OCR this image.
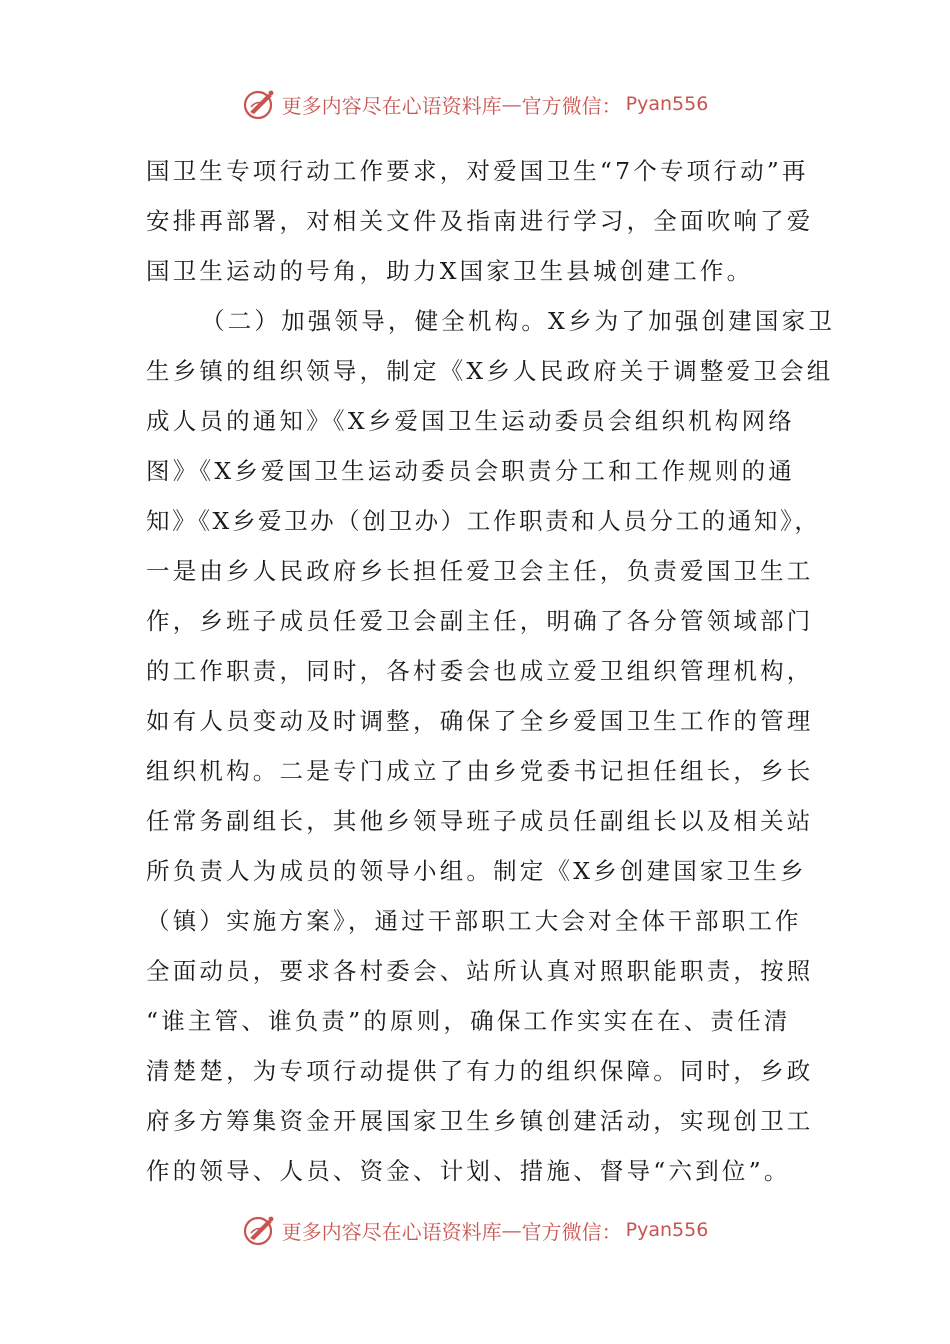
更多内容尽在心语资料库 — 官方微信： Pyan556
国卫生专项行动工作要求，对爱国卫生“7个专项行动”再
安排再部署，对相关文件及指南进行学习，全面吹响了爱
国卫生运动的号角，助力X国家卫生县城创建工作。
（二）加强领导，健全机构。X乡为了加强创建国家卫
生乡镇的组织领导，制定《X乡人民政府关于调整爱卫会组
成人员的通知》《X乡爱国卫生运动委员会组织机构网络
图》《X乡爱国卫生运动委员会职责分工和工作规则的通
知》《X乡爱卫办（创卫办）工作职责和人员分工的通知》，
一是由乡人民政府乡长担任爱卫会主任，负责爱国卫生工
作，乡班子成员任爱卫会副主任，明确了各分管领域部门
的工作职责，同时，各村委会也成立爱卫组织管理机构，
如有人员变动及时调整，确保了全乡爱国卫生工作的管理
组织机构。二是专门成立了由乡党委书记担任组长，乡长
任常务副组长，其他乡领导班子成员任副组长以及相关站
所负责人为成员的领导小组。制定《X乡创建国家卫生乡
（镇）实施方案》，通过干部职工大会对全体干部职工作
全面动员，要求各村委会、站所认真对照职能职责，按照
“谁主管、谁负责”的原则，确保工作实实在在、责任清
清楚楚，为专项行动提供了有力的组织保障。同时，乡政
府多方筹集资金开展国家卫生乡镇创建活动，实现创卫工
作的领导、人员、资金、计划、措施、督导“六到位”。
更多内容尽在心语资料库 — 官方微信： Pyan556
